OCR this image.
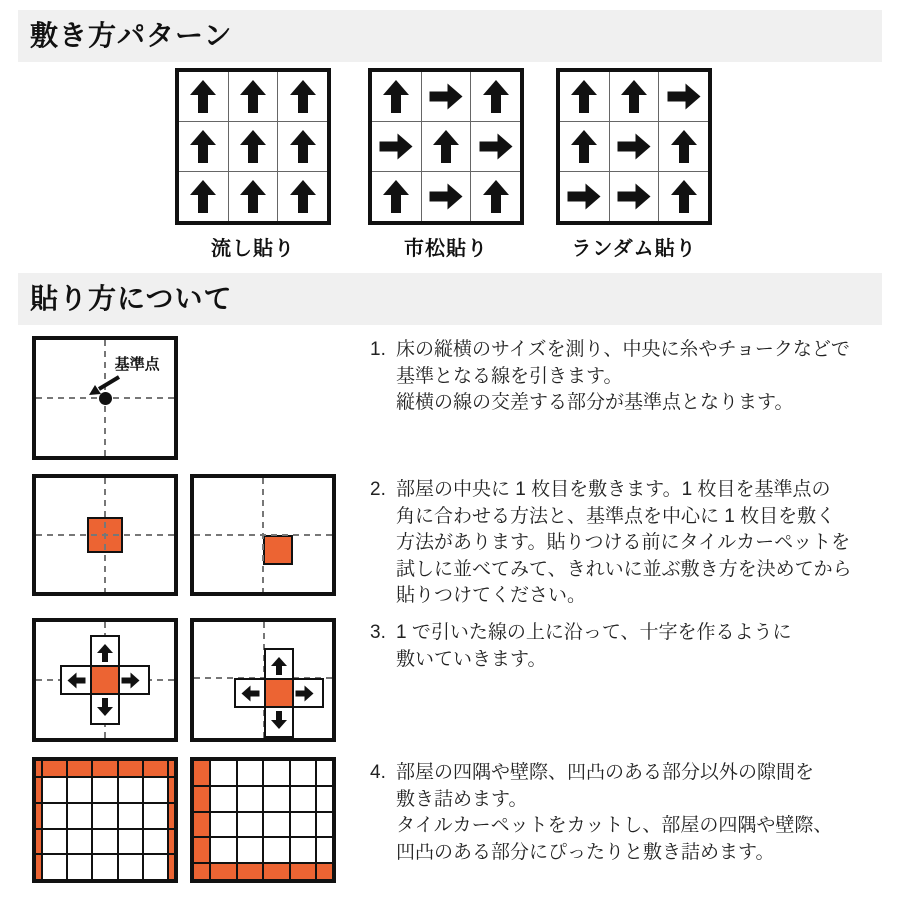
敷き方パターン
流し貼り	市松貼り	ランダム貼り
貼り方について
基準点
1. 床の縦横のサイズを測り、中央に糸やチョークなどで
基準となる線を引きます。
縦横の線の交差する部分が基準点となります。
2. 部屋の中央に 1 枚目を敷きます。1 枚目を基準点の
角に合わせる方法と、基準点を中心に 1 枚目を敷く
方法があります。貼りつける前にタイルカーペットを
試しに並べてみて、きれいに並ぶ敷き方を決めてから
貼りつけてください。
3. 1 で引いた線の上に沿って、十字を作るように
敷いていきます。
4. 部屋の四隅や壁際、凹凸のある部分以外の隙間を
敷き詰めます。
タイルカーペットをカットし、部屋の四隅や壁際、
凹凸のある部分にぴったりと敷き詰めます。
